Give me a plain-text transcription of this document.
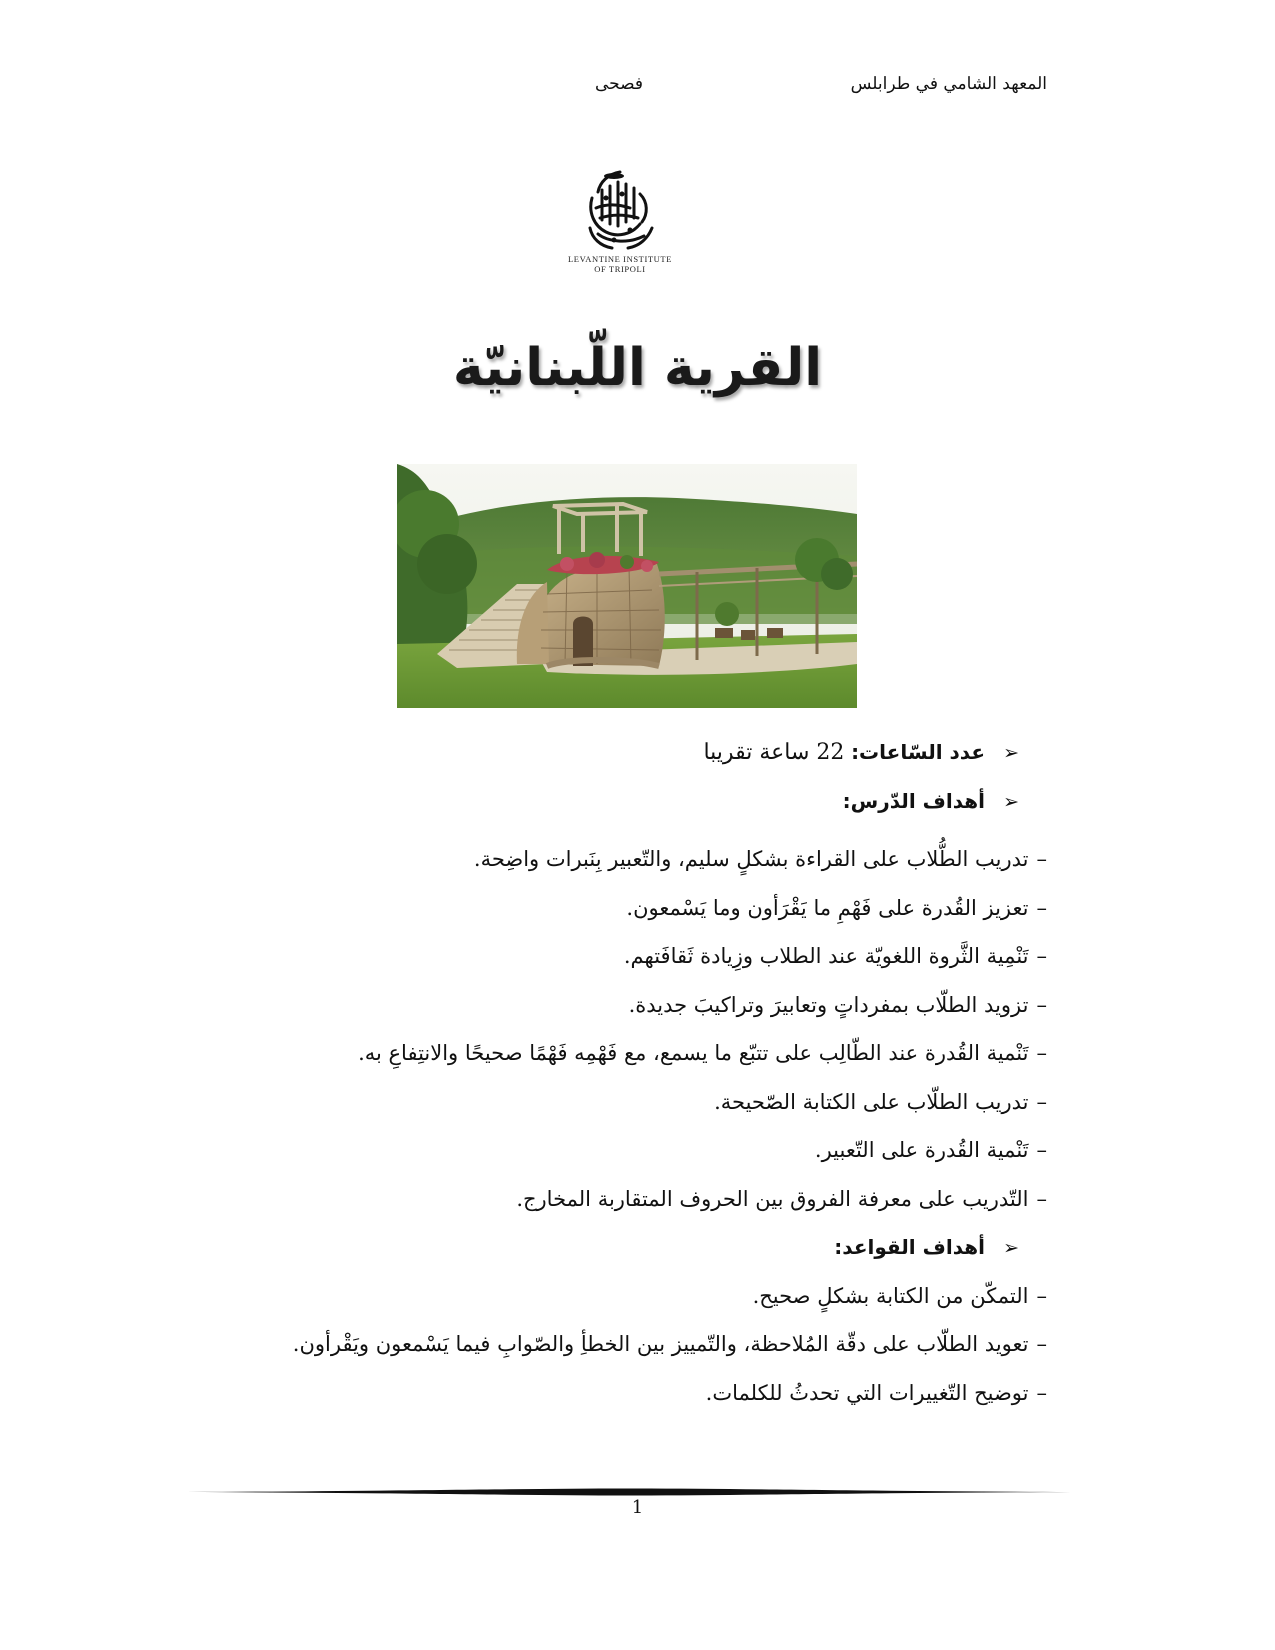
المعهد الشامي في طرابلس
فصحى
LEVANTINE INSTITUTE
OF TRIPOLI
القرية اللّبنانيّة
➢عدد السّاعات: 22 ساعة تقريبا
➢أهداف الدّرس:
–تدريب الطُّلاب على القراءة بشكلٍ سليم، والتّعبير بِنَبرات واضِحة.
–تعزيز القُدرة على فَهْمِ ما يَقْرَأون وما يَسْمعون.
–تَنْمِية الثَّروة اللغويّة عند الطلاب وزِيادة ثَقافَتهم.
–تزويد الطلّاب بمفرداتٍ وتعابيرَ وتراكيبَ جديدة.
–تَنْمية القُدرة عند الطّالِب على تتبّع ما يسمع، مع فَهْمِه فَهْمًا صحيحًا والانتِفاعِ به.
–تدريب الطلّاب على الكتابة الصّحيحة.
–تَنْمية القُدرة على التّعبير.
–التّدريب على معرفة الفروق بين الحروف المتقاربة المخارج.
➢أهداف القواعد:
–التمكّن من الكتابة بشكلٍ صحيح.
–تعويد الطلّاب على دقّة المُلاحظة، والتّمييز بين الخطأِ والصّوابِ فيما يَسْمعون ويَقْرأون.
–توضيح التّغييرات التي تحدثُ للكلمات.
1
